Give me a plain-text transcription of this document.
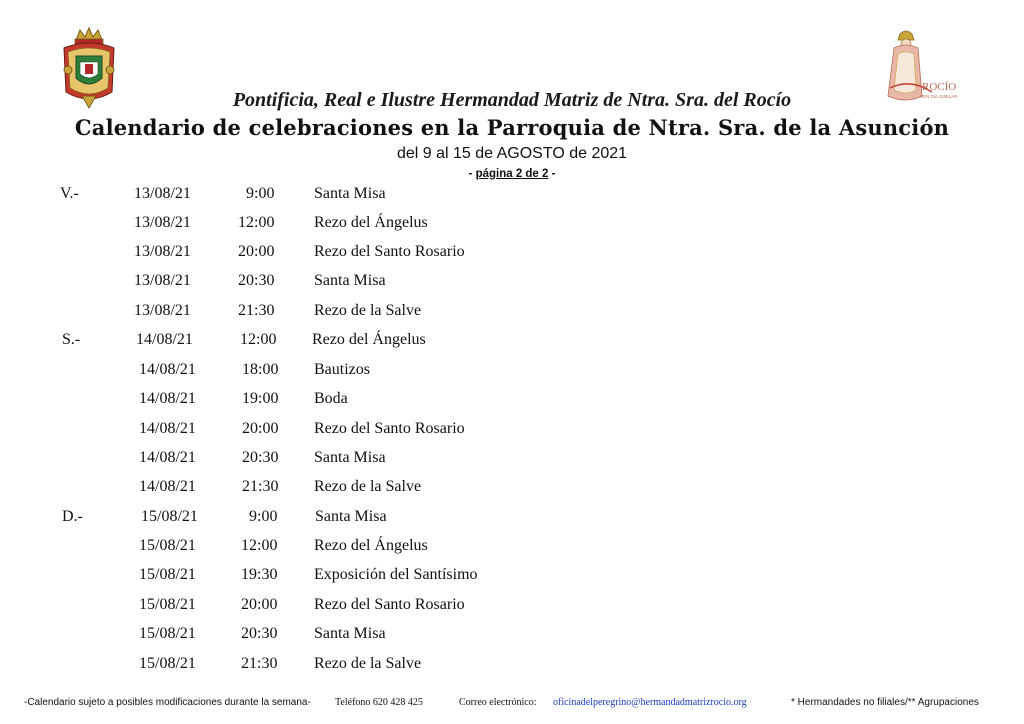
ROCÍO
VEN DÍA JUBILAR
Pontificia, Real e Ilustre Hermandad Matriz de Ntra. Sra. del Rocío
Calendario de celebraciones en la Parroquia de Ntra. Sra. de la Asunción
del 9 al 15 de AGOSTO de 2021
- página 2 de 2 -
V.-	13/08/21	9:00 Santa Misa
13/08/21	12:00 Rezo del Ángelus
13/08/21	20:00 Rezo del Santo Rosario
13/08/21	20:30 Santa Misa
13/08/21	21:30 Rezo de la Salve
S.-	14/08/21	12:00 Rezo del Ángelus
14/08/21	18:00 Bautizos
14/08/21	19:00 Boda
14/08/21	20:00 Rezo del Santo Rosario
14/08/21	20:30 Santa Misa
14/08/21	21:30 Rezo de la Salve
D.-	15/08/21	9:00 Santa Misa
15/08/21	12:00 Rezo del Ángelus
15/08/21	19:30 Exposición del Santísimo
15/08/21	20:00 Rezo del Santo Rosario
15/08/21	20:30 Santa Misa
15/08/21	21:30 Rezo de la Salve
-Calendario sujeto a posibles modificaciones durante la semana- Teléfono 620 428 425	Correo electrónico: oficinadelperegrino@hermandadmatrizrocio.org	* Hermandades no filiales/** Agrupaciones
